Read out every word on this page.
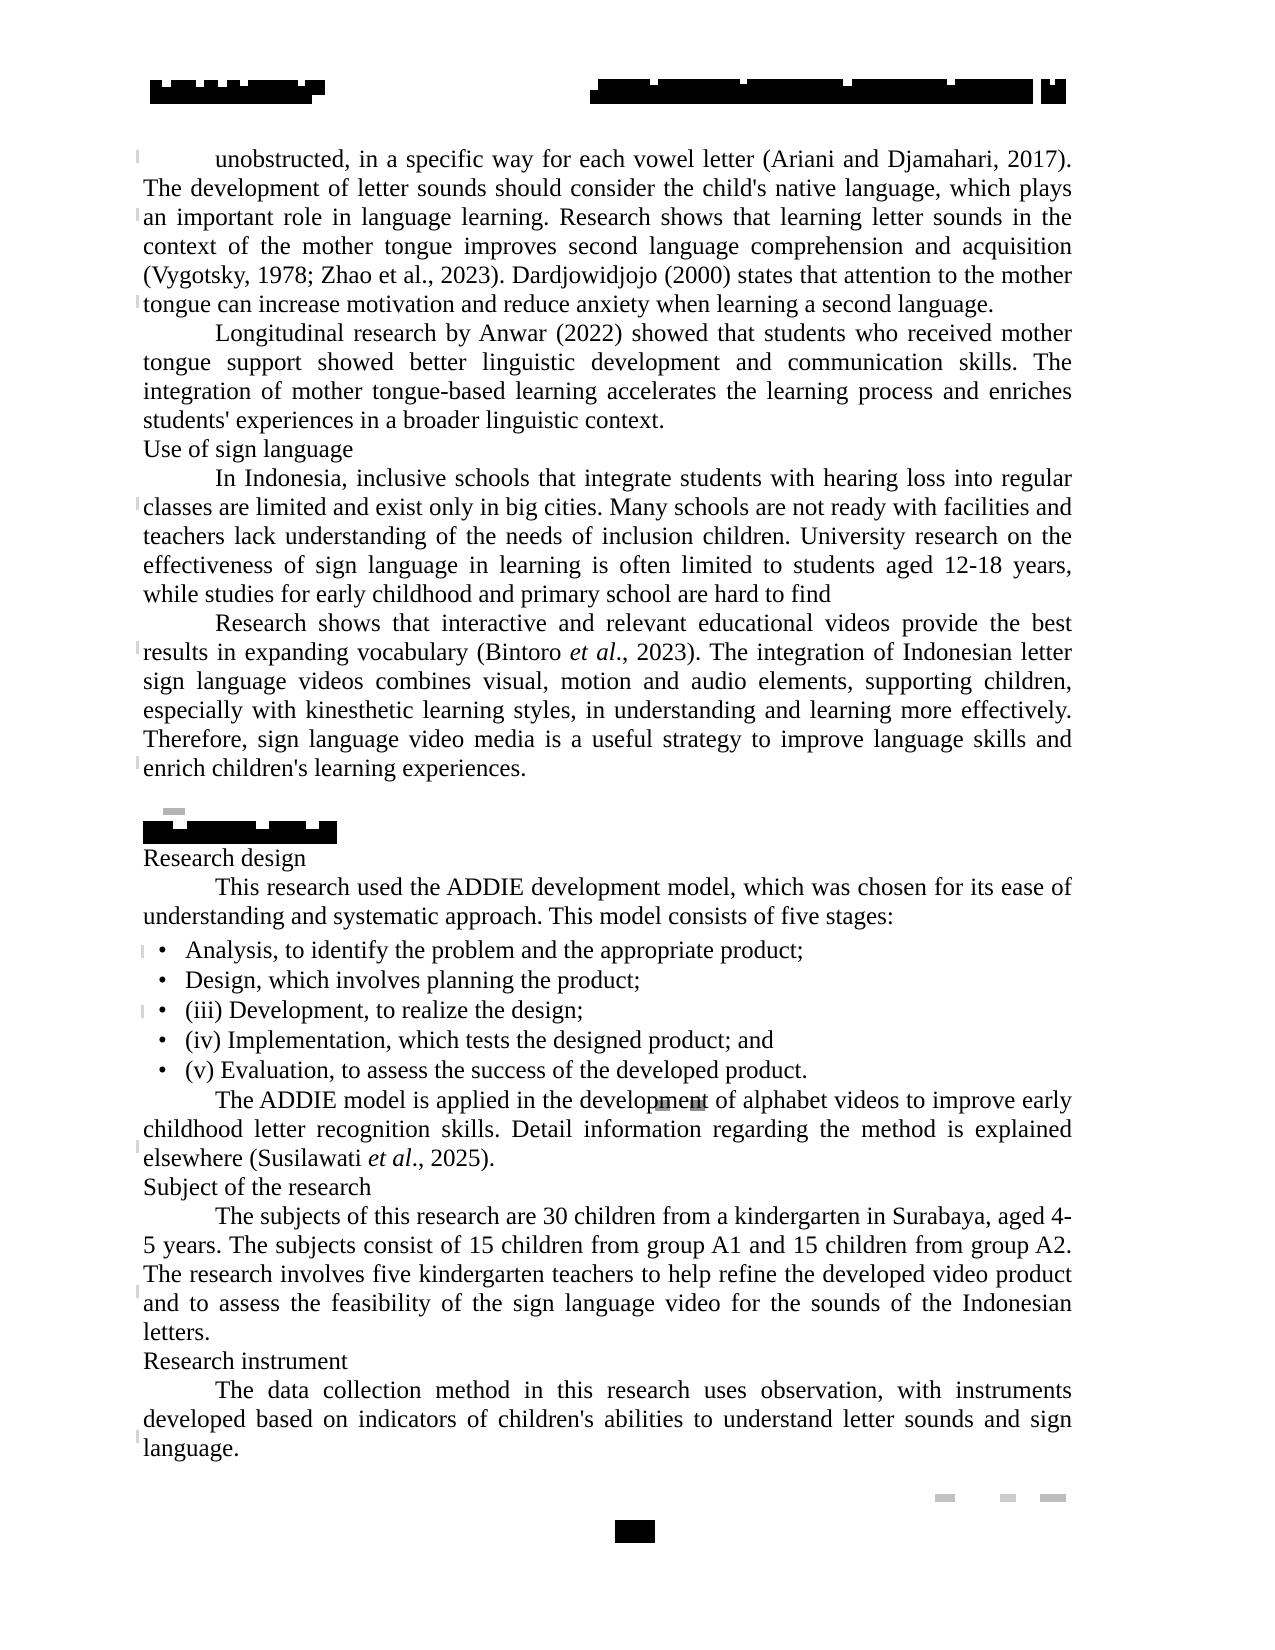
unobstructed, in a specific way for each vowel letter (Ariani and Djamahari, 2017). The development of letter sounds should consider the child's native language, which plays an important role in language learning. Research shows that learning letter sounds in the context of the mother tongue improves second language comprehension and acquisition (Vygotsky, 1978; Zhao et al., 2023). Dardjowidjojo (2000) states that attention to the mother tongue can increase motivation and reduce anxiety when learning a second language.

Longitudinal research by Anwar (2022) showed that students who received mother tongue support showed better linguistic development and communication skills. The integration of mother tongue-based learning accelerates the learning process and enriches students' experiences in a broader linguistic context.

Use of sign language

In Indonesia, inclusive schools that integrate students with hearing loss into regular classes are limited and exist only in big cities. Many schools are not ready with facilities and teachers lack understanding of the needs of inclusion children. University research on the effectiveness of sign language in learning is often limited to students aged 12-18 years, while studies for early childhood and primary school are hard to find

Research shows that interactive and relevant educational videos provide the best results in expanding vocabulary (Bintoro et al., 2023). The integration of Indonesian letter sign language videos combines visual, motion and audio elements, supporting children, especially with kinesthetic learning styles, in understanding and learning more effectively. Therefore, sign language video media is a useful strategy to improve language skills and enrich children's learning experiences.

Research design

This research used the ADDIE development model, which was chosen for its ease of understanding and systematic approach. This model consists of five stages:

• Analysis, to identify the problem and the appropriate product;
• Design, which involves planning the product;
• (iii) Development, to realize the design;
• (iv) Implementation, which tests the designed product; and
• (v) Evaluation, to assess the success of the developed product.

The ADDIE model is applied in the development of alphabet videos to improve early childhood letter recognition skills. Detail information regarding the method is explained elsewhere (Susilawati et al., 2025).

Subject of the research

The subjects of this research are 30 children from a kindergarten in Surabaya, aged 4-5 years. The subjects consist of 15 children from group A1 and 15 children from group A2. The research involves five kindergarten teachers to help refine the developed video product and to assess the feasibility of the sign language video for the sounds of the Indonesian letters.

Research instrument

The data collection method in this research uses observation, with instruments developed based on indicators of children's abilities to understand letter sounds and sign language.
